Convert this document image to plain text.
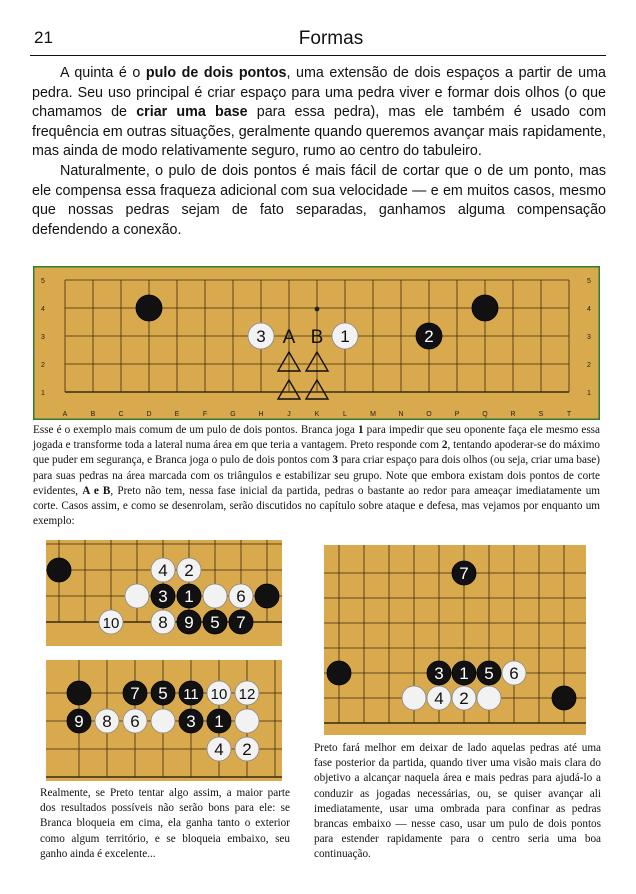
21	Formas

A quinta é o pulo de dois pontos, uma extensão de dois espaços a partir de uma pedra. Seu uso principal é criar espaço para uma pedra viver e formar dois olhos (o que chamamos de criar uma base para essa pedra), mas ele também é usado com frequência em outras situações, geralmente quando queremos avançar mais rapidamente, mas ainda de modo relativamente seguro, rumo ao centro do tabuleiro.

Naturalmente, o pulo de dois pontos é mais fácil de cortar que o de um ponto, mas ele compensa essa fraqueza adicional com sua velocidade — e em muitos casos, mesmo que nossas pedras sejam de fato separadas, ganhamos alguma compensação defendendo a conexão.

A	B	C	D	E	F	G	H	J	K	L	M	N	O	P	Q	R	S	T
5	5
4	4
3	3
2	2
1	1
3	1	2
A B
Esse é o exemplo mais comum de um pulo de dois pontos. Branca joga 1 para impedir que seu oponente faça ele mesmo essa jogada e transforme toda a lateral numa área em que teria a vantagem. Preto responde com 2, tentando apoderar-se do máximo que puder em segurança, e Branca joga o pulo de dois pontos com 3 para criar espaço para dois olhos (ou seja, criar uma base) para suas pedras na área marcada com os triângulos e estabilizar seu grupo. Note que embora existam dois pontos de corte evidentes, A e B, Preto não tem, nessa fase inicial da partida, pedras o bastante ao redor para ameaçar imediatamente um corte. Casos assim, e como se desenrolam, serão discutidos no capítulo sobre ataque e defesa, mas vejamos por enquanto um exemplo:
4 2
3 1	6
10 8 9 5 7
7 5 11 10 12
9 8 6	3 1
4 2
7
3 1 5 6
4 2
Realmente, se Preto tentar algo assim, a maior parte dos resultados possíveis não serão bons para ele: se Branca bloqueia em cima, ela ganha tanto o exterior como algum território, e se bloqueia embaixo, seu ganho ainda é excelente...
Preto fará melhor em deixar de lado aquelas pedras até uma fase posterior da partida, quando tiver uma visão mais clara do objetivo a alcançar naquela área e mais pedras para ajudá-lo a conduzir as jogadas necessárias, ou, se quiser avançar ali imediatamente, usar uma ombrada para confinar as pedras brancas embaixo — nesse caso, usar um pulo de dois pontos para estender rapidamente para o centro seria uma boa continuação.
